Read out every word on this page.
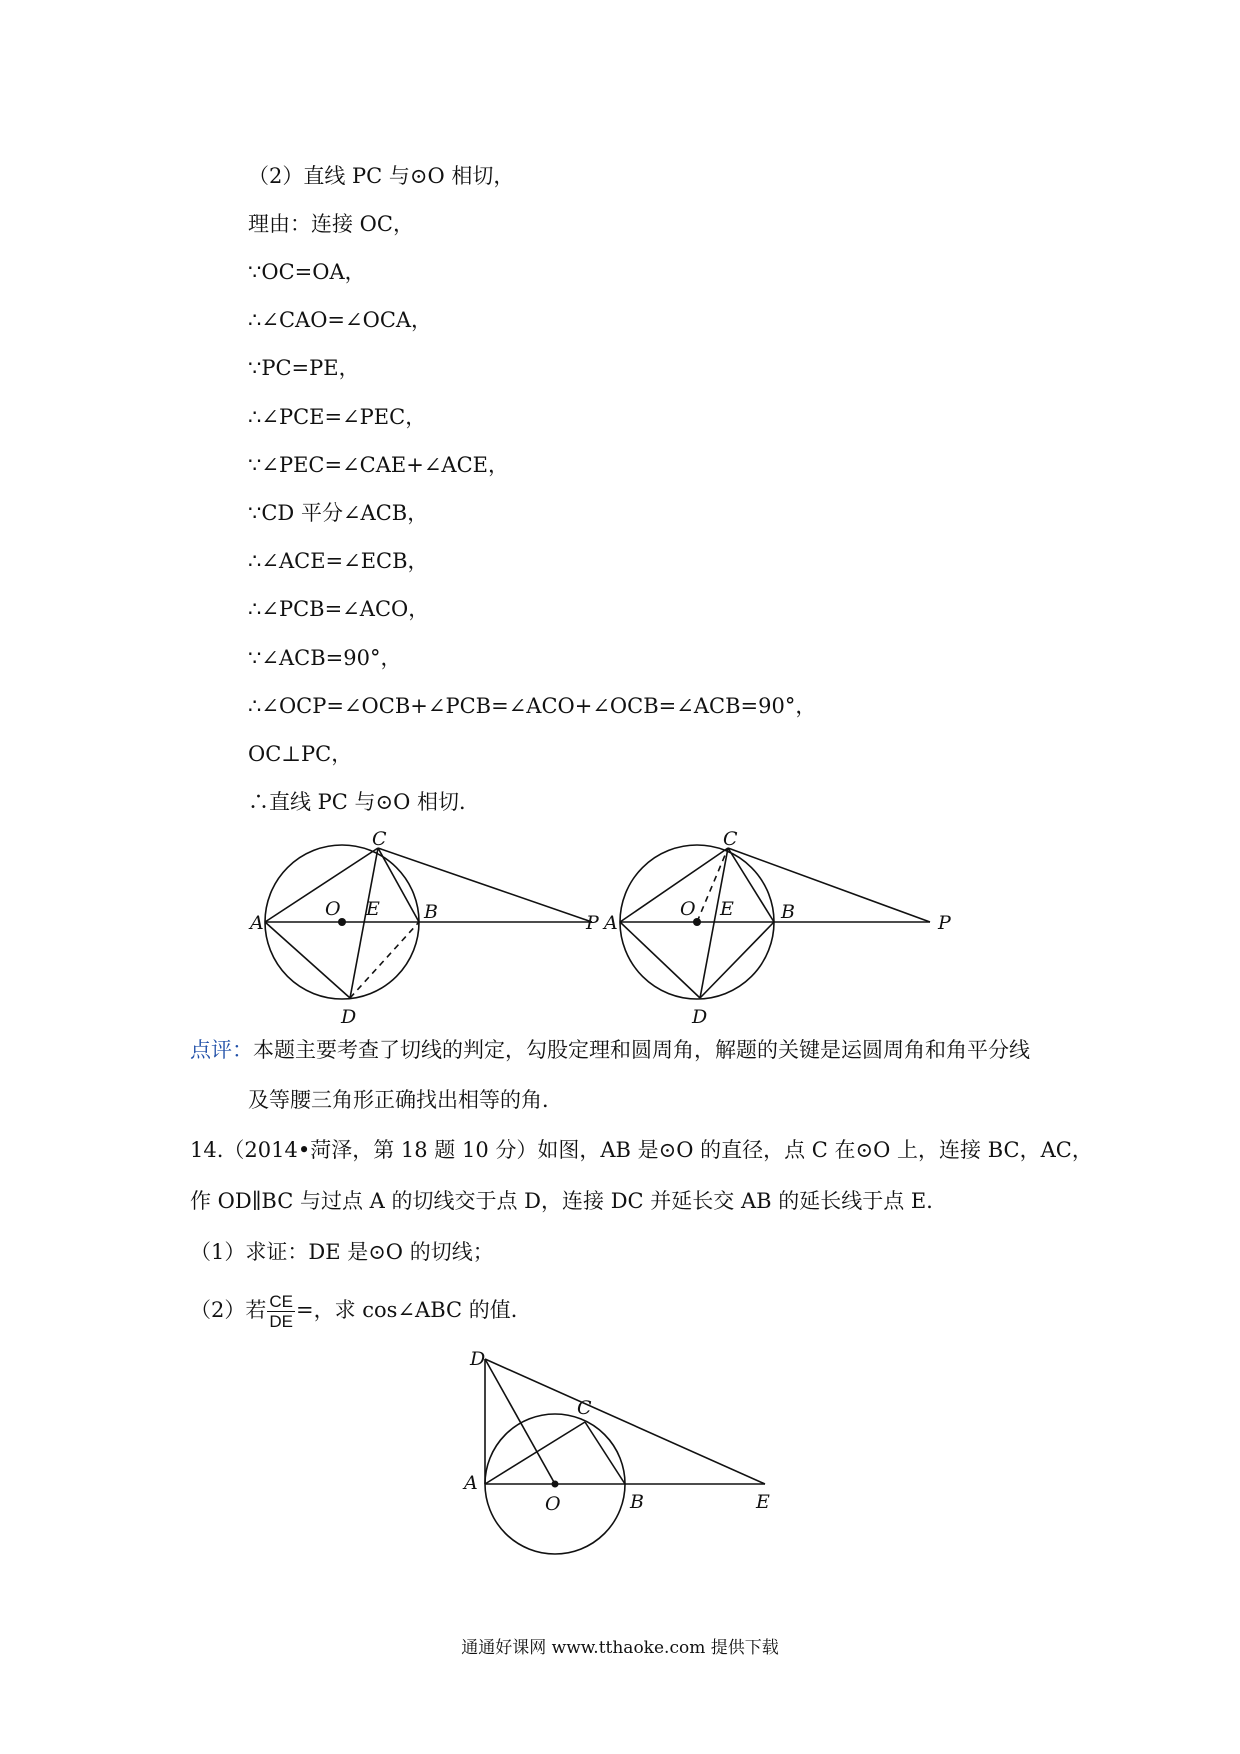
（2）直线 PC 与⊙O 相切，
理由：连接 OC，
∵OC=OA，
∴∠CAO=∠OCA，
∵PC=PE，
∴∠PCE=∠PEC，
∵∠PEC=∠CAE+∠ACE，
∵CD 平分∠ACB，
∴∠ACE=∠ECB，
∴∠PCB=∠ACO，
∵∠ACB=90°，
∴∠OCP=∠OCB+∠PCB=∠ACO+∠OCB=∠ACB=90°，
OC⊥PC，
∴直线 PC 与⊙O 相切．
A
O E B	P
C
D
A
O E B	P
C
D
点评：本题主要考查了切线的判定，勾股定理和圆周角，解题的关键是运圆周角和角平分线
及等腰三角形正确找出相等的角．
14.（2014•菏泽，第 18 题 10 分）如图，AB 是⊙O 的直径，点 C 在⊙O 上，连接 BC，AC，
作 OD∥BC 与过点 A 的切线交于点 D，连接 DC 并延长交 AB 的延长线于点 E．
（1）求证：DE 是⊙O 的切线；
（2）若 $\frac{CE}{DE}$ =，求 cos∠ABC 的值．
D
C
A
O	B	E
通通好课网 www.tthaoke.com 提供下载
